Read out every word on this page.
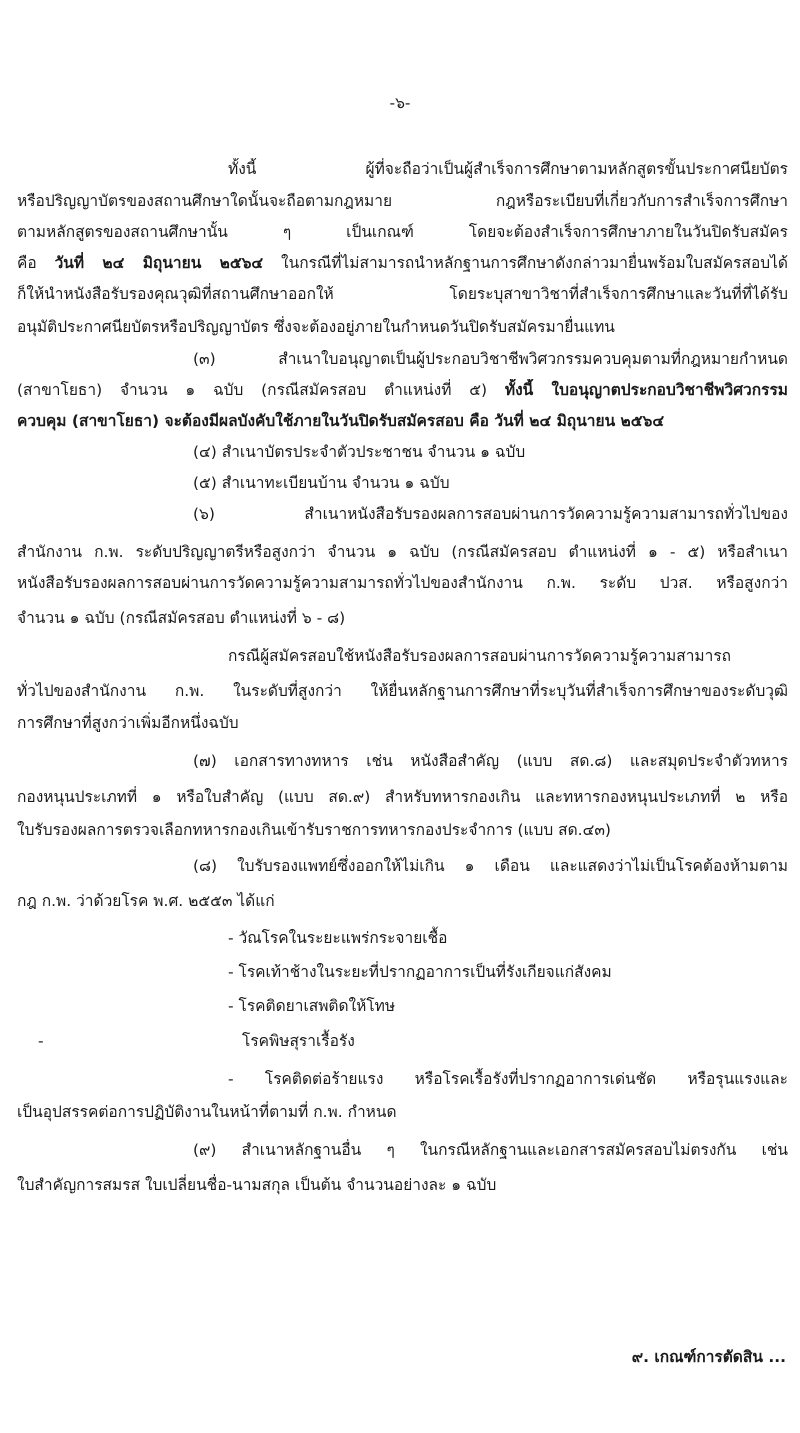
-๖-
ทั้งนี้ ผู้ที่จะถือว่าเป็นผู้สำเร็จการศึกษาตามหลักสูตรขั้นประกาศนียบัตร
หรือปริญญาบัตรของสถานศึกษาใดนั้นจะถือตามกฎหมาย กฎหรือระเบียบที่เกี่ยวกับการสำเร็จการศึกษา
ตามหลักสูตรของสถานศึกษานั้น ๆ เป็นเกณฑ์ โดยจะต้องสำเร็จการศึกษาภายในวันปิดรับสมัคร
คือ วันที่ ๒๔ มิถุนายน ๒๕๖๔ ในกรณีที่ไม่สามารถนำหลักฐานการศึกษาดังกล่าวมายื่นพร้อมใบสมัครสอบได้
ก็ให้นำหนังสือรับรองคุณวุฒิที่สถานศึกษาออกให้ โดยระบุสาขาวิชาที่สำเร็จการศึกษาและวันที่ที่ได้รับ
อนุมัติประกาศนียบัตรหรือปริญญาบัตร ซึ่งจะต้องอยู่ภายในกำหนดวันปิดรับสมัครมายื่นแทน
(๓) สำเนาใบอนุญาตเป็นผู้ประกอบวิชาชีพวิศวกรรมควบคุมตามที่กฎหมายกำหนด
(สาขาโยธา) จำนวน ๑ ฉบับ (กรณีสมัครสอบ ตำแหน่งที่ ๕) ทั้งนี้ ใบอนุญาตประกอบวิชาชีพวิศวกรรม
ควบคุม (สาขาโยธา) จะต้องมีผลบังคับใช้ภายในวันปิดรับสมัครสอบ คือ วันที่ ๒๔ มิถุนายน ๒๕๖๔
(๔) สำเนาบัตรประจำตัวประชาชน จำนวน ๑ ฉบับ
(๕) สำเนาทะเบียนบ้าน จำนวน ๑ ฉบับ
(๖) สำเนาหนังสือรับรองผลการสอบผ่านการวัดความรู้ความสามารถทั่วไปของ
สำนักงาน ก.พ. ระดับปริญญาตรีหรือสูงกว่า จำนวน ๑ ฉบับ (กรณีสมัครสอบ ตำแหน่งที่ ๑ - ๕) หรือสำเนา
หนังสือรับรองผลการสอบผ่านการวัดความรู้ความสามารถทั่วไปของสำนักงาน ก.พ. ระดับ ปวส. หรือสูงกว่า
จำนวน ๑ ฉบับ (กรณีสมัครสอบ ตำแหน่งที่ ๖ - ๘)
กรณีผู้สมัครสอบใช้หนังสือรับรองผลการสอบผ่านการวัดความรู้ความสามารถ
ทั่วไปของสำนักงาน ก.พ. ในระดับที่สูงกว่า ให้ยื่นหลักฐานการศึกษาที่ระบุวันที่สำเร็จการศึกษาของระดับวุฒิ
การศึกษาที่สูงกว่าเพิ่มอีกหนึ่งฉบับ
(๗) เอกสารทางทหาร เช่น หนังสือสำคัญ (แบบ สด.๘) และสมุดประจำตัวทหาร
กองหนุนประเภทที่ ๑ หรือใบสำคัญ (แบบ สด.๙) สำหรับทหารกองเกิน และทหารกองหนุนประเภทที่ ๒ หรือ
ใบรับรองผลการตรวจเลือกทหารกองเกินเข้ารับราชการทหารกองประจำการ (แบบ สด.๔๓)
(๘) ใบรับรองแพทย์ซึ่งออกให้ไม่เกิน ๑ เดือน และแสดงว่าไม่เป็นโรคต้องห้ามตาม
กฎ ก.พ. ว่าด้วยโรค พ.ศ. ๒๕๕๓ ได้แก่
- วัณโรคในระยะแพร่กระจายเชื้อ
- โรคเท้าช้างในระยะที่ปรากฏอาการเป็นที่รังเกียจแก่สังคม
- โรคติดยาเสพติดให้โทษ
-	โรคพิษสุราเรื้อรัง
- โรคติดต่อร้ายแรง หรือโรคเรื้อรังที่ปรากฏอาการเด่นชัด หรือรุนแรงและ
เป็นอุปสรรคต่อการปฏิบัติงานในหน้าที่ตามที่ ก.พ. กำหนด
(๙) สำเนาหลักฐานอื่น ๆ ในกรณีหลักฐานและเอกสารสมัครสอบไม่ตรงกัน เช่น
ใบสำคัญการสมรส ใบเปลี่ยนชื่อ-นามสกุล เป็นต้น จำนวนอย่างละ ๑ ฉบับ
๙. เกณฑ์การตัดสิน ...
